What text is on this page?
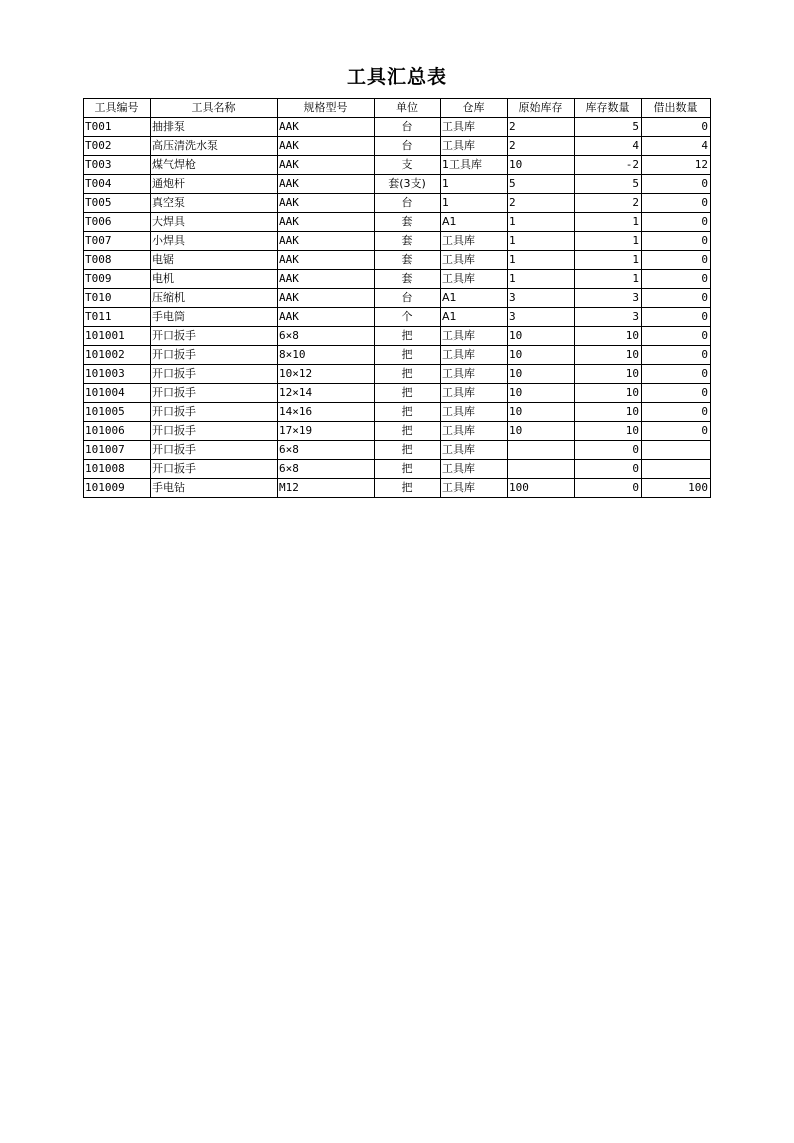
工具汇总表
工具编号	工具名称	规格型号	单位	仓库	原始库存	库存数量	借出数量
T001	抽排泵	AAK	台	工具库	2	5	0
T002	高压清洗水泵	AAK	台	工具库	2	4	4
T003	煤气焊枪	AAK	支	1工具库	10	-2	12
T004	通炮杆	AAK	套(3支)	1	5	5	0
T005	真空泵	AAK	台	1	2	2	0
T006	大焊具	AAK	套	A1	1	1	0
T007	小焊具	AAK	套	工具库	1	1	0
T008	电锯	AAK	套	工具库	1	1	0
T009	电机	AAK	套	工具库	1	1	0
T010	压缩机	AAK	台	A1	3	3	0
T011	手电筒	AAK	个	A1	3	3	0
101001	开口扳手	6×8	把	工具库	10	10	0
101002	开口扳手	8×10	把	工具库	10	10	0
101003	开口扳手	10×12	把	工具库	10	10	0
101004	开口扳手	12×14	把	工具库	10	10	0
101005	开口扳手	14×16	把	工具库	10	10	0
101006	开口扳手	17×19	把	工具库	10	10	0
101007	开口扳手	6×8	把	工具库		0	
101008	开口扳手	6×8	把	工具库		0	
101009	手电钻	M12	把	工具库	100	0	100
